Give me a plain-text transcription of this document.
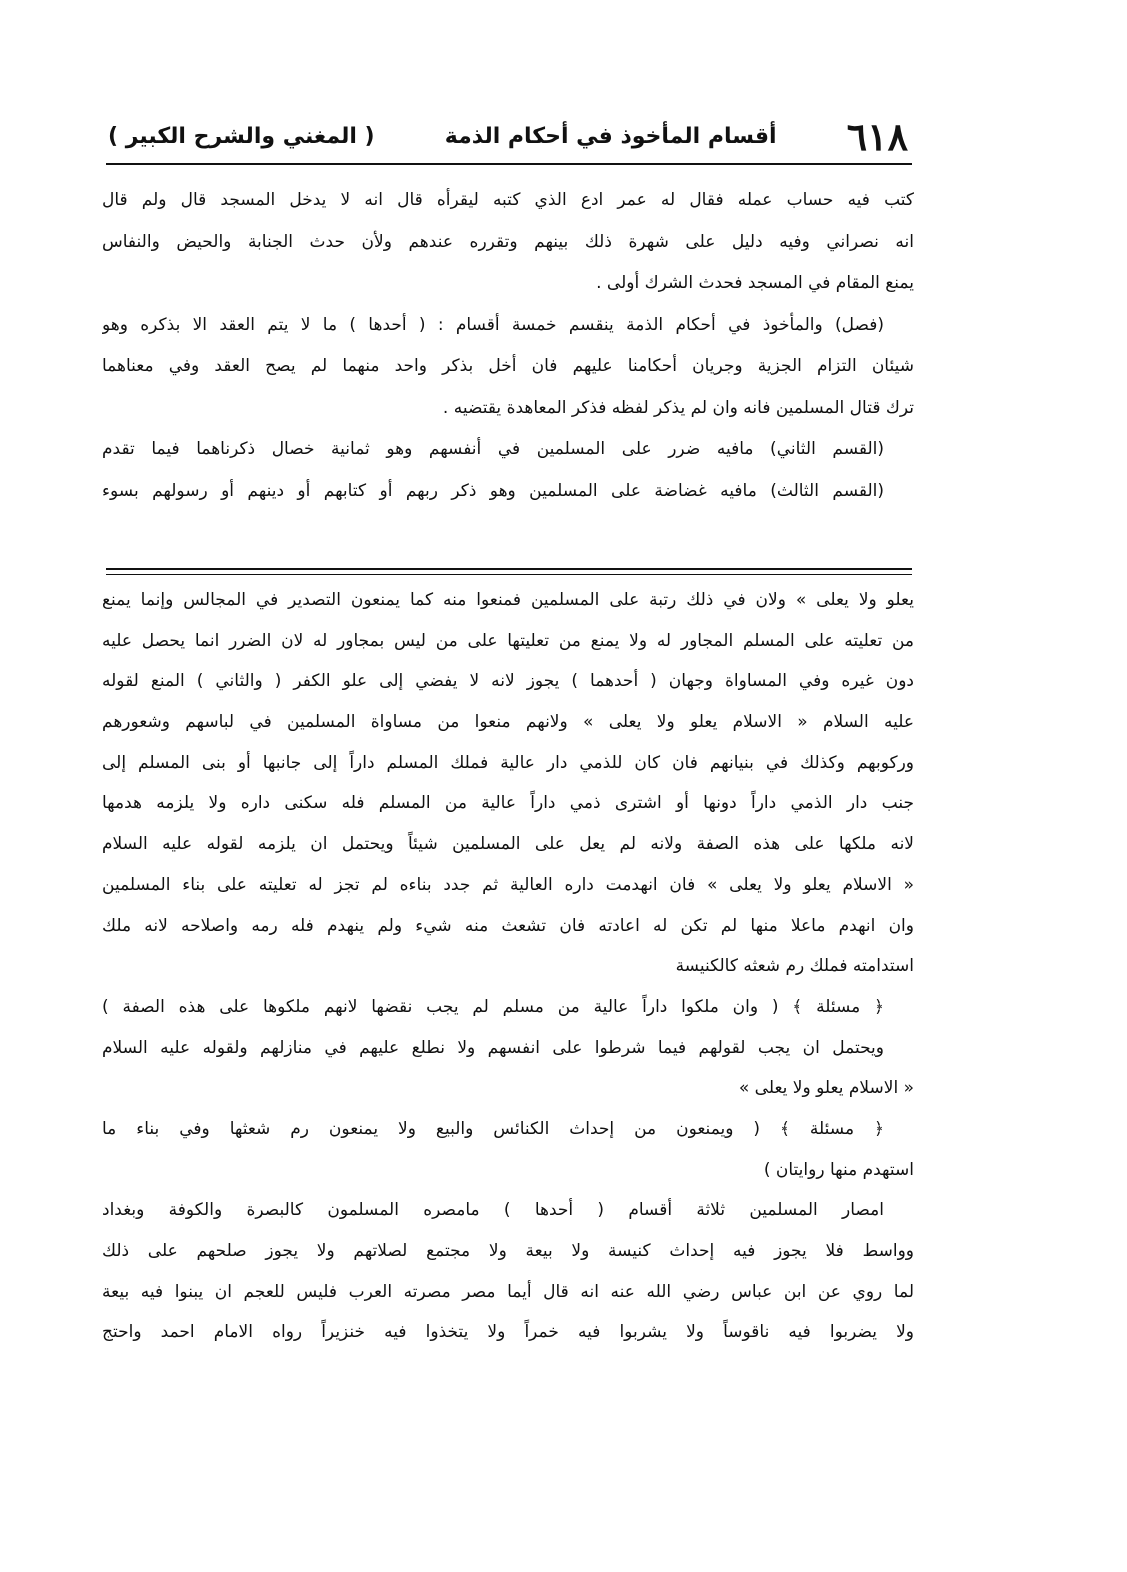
٦١٨
أقسام المأخوذ في أحكام الذمة
( المغني والشرح الكبير )
كتب فيه حساب عمله فقال له عمر ادع الذي كتبه ليقرأه قال انه لا يدخل المسجد قال ولم قال
انه نصراني وفيه دليل على شهرة ذلك بينهم وتقرره عندهم ولأن حدث الجنابة والحيض والنفاس
يمنع المقام في المسجد فحدث الشرك أولى .
(فصل) والمأخوذ في أحكام الذمة ينقسم خمسة أقسام : ( أحدها ) ما لا يتم العقد الا بذكره وهو
شيئان التزام الجزية وجريان أحكامنا عليهم فان أخل بذكر واحد منهما لم يصح العقد وفي معناهما
ترك قتال المسلمين فانه وان لم يذكر لفظه فذكر المعاهدة يقتضيه .
(القسم الثاني) مافيه ضرر على المسلمين في أنفسهم وهو ثمانية خصال ذكرناهما فيما تقدم
(القسم الثالث) مافيه غضاضة على المسلمين وهو ذكر ربهم أو كتابهم أو دينهم أو رسولهم بسوء
يعلو ولا يعلى » ولان في ذلك رتبة على المسلمين فمنعوا منه كما يمنعون التصدير في المجالس وإنما يمنع
من تعليته على المسلم المجاور له ولا يمنع من تعليتها على من ليس بمجاور له لان الضرر انما يحصل عليه
دون غيره وفي المساواة وجهان ( أحدهما ) يجوز لانه لا يفضي إلى علو الكفر ( والثاني ) المنع لقوله
عليه السلام « الاسلام يعلو ولا يعلى » ولانهم منعوا من مساواة المسلمين في لباسهم وشعورهم
وركوبهم وكذلك في بنيانهم فان كان للذمي دار عالية فملك المسلم داراً إلى جانبها أو بنى المسلم إلى
جنب دار الذمي داراً دونها أو اشترى ذمي داراً عالية من المسلم فله سكنى داره ولا يلزمه هدمها
لانه ملكها على هذه الصفة ولانه لم يعل على المسلمين شيئاً ويحتمل ان يلزمه لقوله عليه السلام
« الاسلام يعلو ولا يعلى » فان انهدمت داره العالية ثم جدد بناءه لم تجز له تعليته على بناء المسلمين
وان انهدم ماعلا منها لم تكن له اعادته فان تشعث منه شيء ولم ينهدم فله رمه واصلاحه لانه ملك
استدامته فملك رم شعثه كالكنيسة
﴿ مسئلة ﴾ ( وان ملكوا داراً عالية من مسلم لم يجب نقضها لانهم ملكوها على هذه الصفة )
ويحتمل ان يجب لقولهم فيما شرطوا على انفسهم ولا نطلع عليهم في منازلهم ولقوله عليه السلام
« الاسلام يعلو ولا يعلى »
﴿ مسئلة ﴾ ( ويمنعون من إحداث الكنائس والبيع ولا يمنعون رم شعثها وفي بناء ما
استهدم منها روايتان )
امصار المسلمين ثلاثة أقسام ( أحدها ) مامصره المسلمون كالبصرة والكوفة وبغداد
وواسط فلا يجوز فيه إحداث كنيسة ولا بيعة ولا مجتمع لصلاتهم ولا يجوز صلحهم على ذلك
لما روي عن ابن عباس رضي الله عنه انه قال أيما مصر مصرته العرب فليس للعجم ان يبنوا فيه بيعة
ولا يضربوا فيه ناقوساً ولا يشربوا فيه خمراً ولا يتخذوا فيه خنزيراً رواه الامام احمد واحتج
